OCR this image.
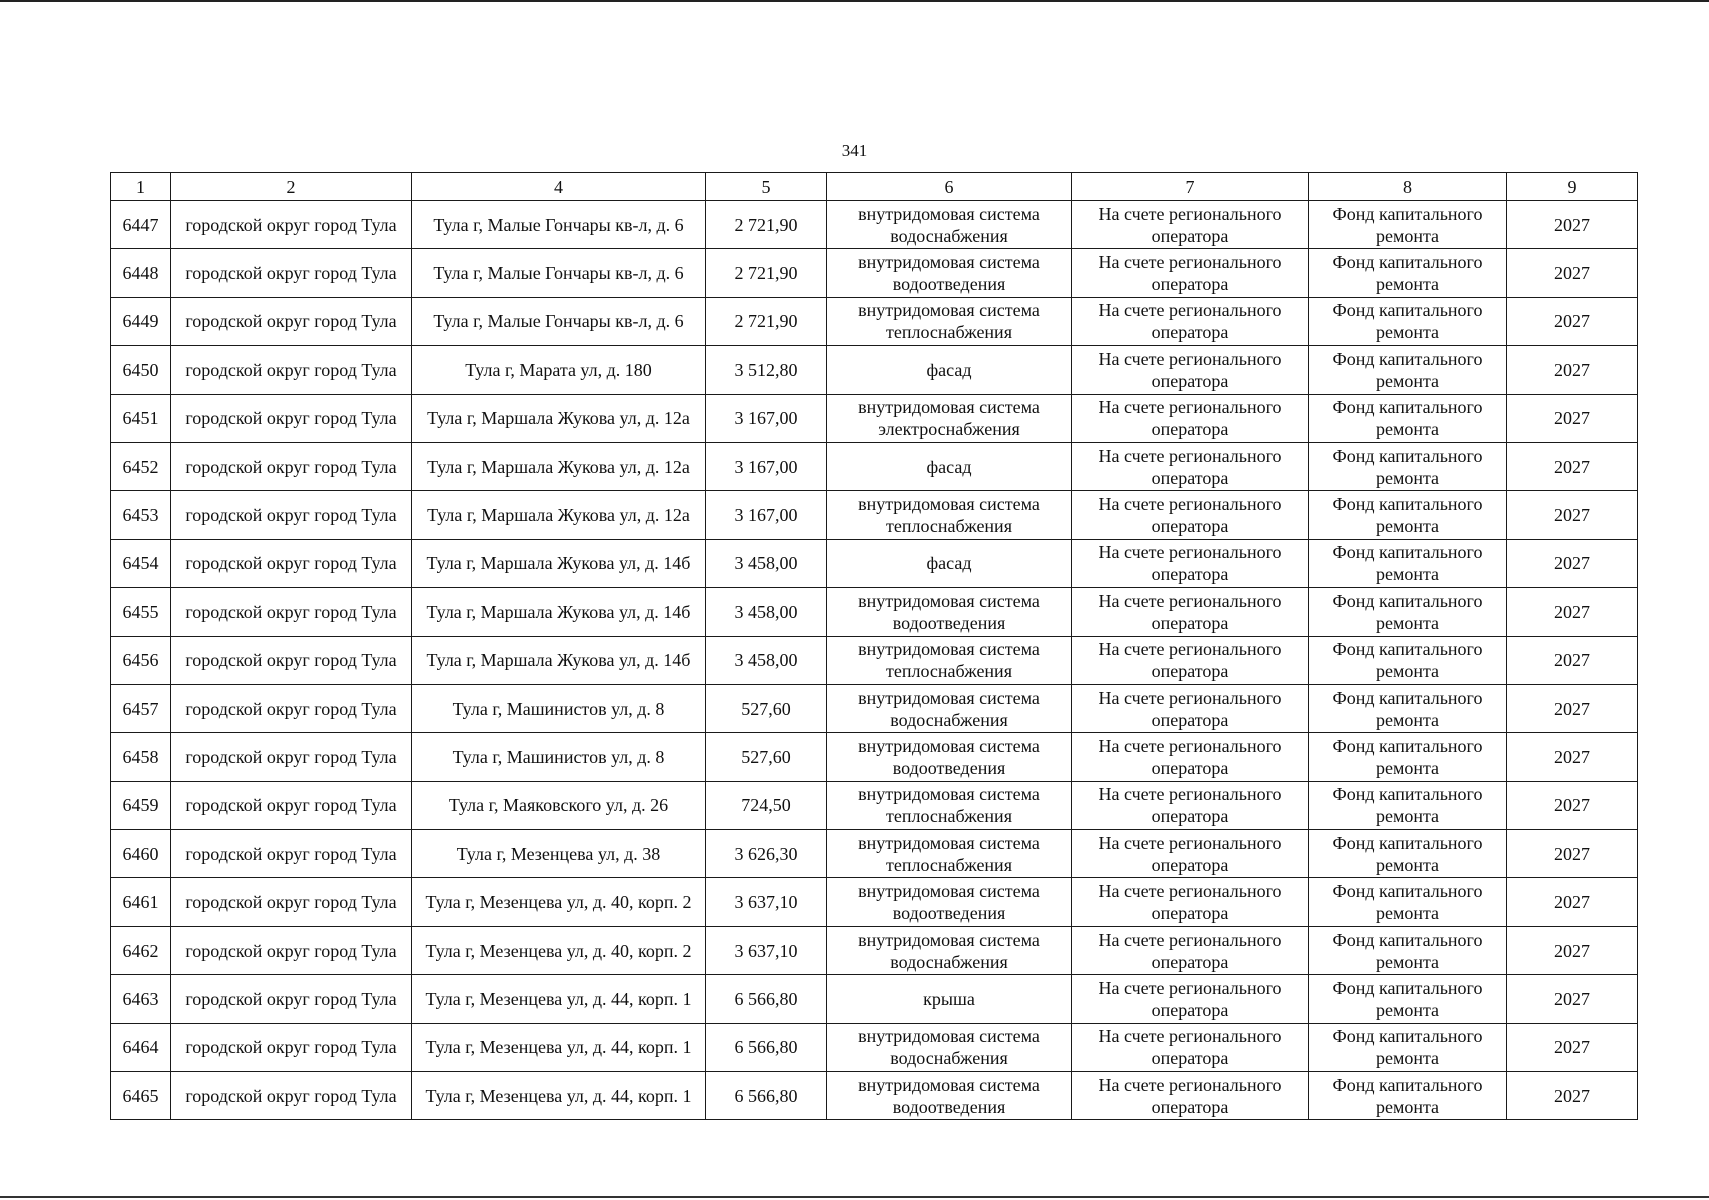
341
1	2	4	5	6	7	8	9
6447	городской округ город Тула	Тула г, Малые Гончары кв-л, д. 6	2 721,90	внутридомовая система водоснабжения	На счете регионального оператора	Фонд капитального ремонта	2027
6448	городской округ город Тула	Тула г, Малые Гончары кв-л, д. 6	2 721,90	внутридомовая система водоотведения	На счете регионального оператора	Фонд капитального ремонта	2027
6449	городской округ город Тула	Тула г, Малые Гончары кв-л, д. 6	2 721,90	внутридомовая система теплоснабжения	На счете регионального оператора	Фонд капитального ремонта	2027
6450	городской округ город Тула	Тула г, Марата ул, д. 180	3 512,80	фасад	На счете регионального оператора	Фонд капитального ремонта	2027
6451	городской округ город Тула	Тула г, Маршала Жукова ул, д. 12а	3 167,00	внутридомовая система электроснабжения	На счете регионального оператора	Фонд капитального ремонта	2027
6452	городской округ город Тула	Тула г, Маршала Жукова ул, д. 12а	3 167,00	фасад	На счете регионального оператора	Фонд капитального ремонта	2027
6453	городской округ город Тула	Тула г, Маршала Жукова ул, д. 12а	3 167,00	внутридомовая система теплоснабжения	На счете регионального оператора	Фонд капитального ремонта	2027
6454	городской округ город Тула	Тула г, Маршала Жукова ул, д. 14б	3 458,00	фасад	На счете регионального оператора	Фонд капитального ремонта	2027
6455	городской округ город Тула	Тула г, Маршала Жукова ул, д. 14б	3 458,00	внутридомовая система водоотведения	На счете регионального оператора	Фонд капитального ремонта	2027
6456	городской округ город Тула	Тула г, Маршала Жукова ул, д. 14б	3 458,00	внутридомовая система теплоснабжения	На счете регионального оператора	Фонд капитального ремонта	2027
6457	городской округ город Тула	Тула г, Машинистов ул, д. 8	527,60	внутридомовая система водоснабжения	На счете регионального оператора	Фонд капитального ремонта	2027
6458	городской округ город Тула	Тула г, Машинистов ул, д. 8	527,60	внутридомовая система водоотведения	На счете регионального оператора	Фонд капитального ремонта	2027
6459	городской округ город Тула	Тула г, Маяковского ул, д. 26	724,50	внутридомовая система теплоснабжения	На счете регионального оператора	Фонд капитального ремонта	2027
6460	городской округ город Тула	Тула г, Мезенцева ул, д. 38	3 626,30	внутридомовая система теплоснабжения	На счете регионального оператора	Фонд капитального ремонта	2027
6461	городской округ город Тула	Тула г, Мезенцева ул, д. 40, корп. 2	3 637,10	внутридомовая система водоотведения	На счете регионального оператора	Фонд капитального ремонта	2027
6462	городской округ город Тула	Тула г, Мезенцева ул, д. 40, корп. 2	3 637,10	внутридомовая система водоснабжения	На счете регионального оператора	Фонд капитального ремонта	2027
6463	городской округ город Тула	Тула г, Мезенцева ул, д. 44, корп. 1	6 566,80	крыша	На счете регионального оператора	Фонд капитального ремонта	2027
6464	городской округ город Тула	Тула г, Мезенцева ул, д. 44, корп. 1	6 566,80	внутридомовая система водоснабжения	На счете регионального оператора	Фонд капитального ремонта	2027
6465	городской округ город Тула	Тула г, Мезенцева ул, д. 44, корп. 1	6 566,80	внутридомовая система водоотведения	На счете регионального оператора	Фонд капитального ремонта	2027
